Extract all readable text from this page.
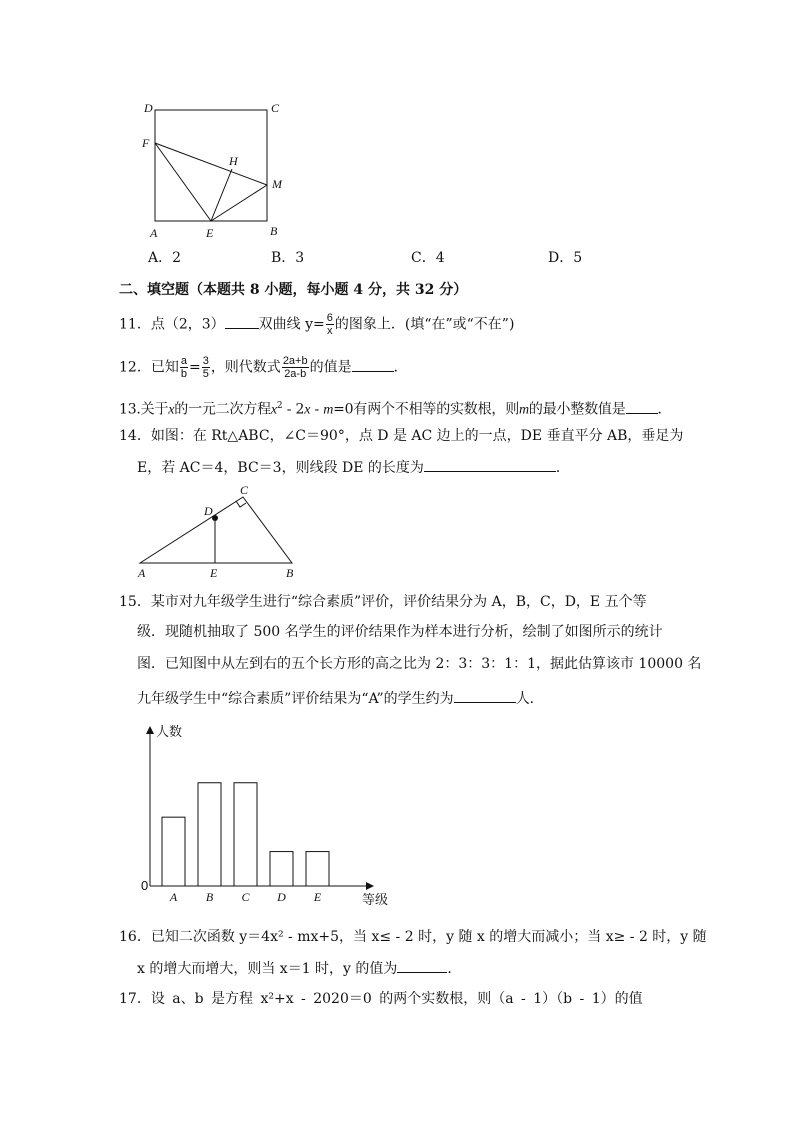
D	C
F
H
M
A	E	B
A．2	B．3	C．4	D．5
二、填空题（本题共 8 小题，每小题 4 分，共 32 分）
11．点（2，3） 双曲线 $y= \frac{6}{x}$ 的图象上．(填“在”或“不在”)
12．已知 $\frac{a}{b} = \frac{3}{5}$ ，则代数式 $\frac{2a+b}{2a-b}$ 的值是	．
13.关于x的一元二次方程$x^2 - 2x - m=0$有两个不相等的实数根，则m的最小整数值是 ．
14．如图：在 Rt△ABC，∠C＝90°，点 D 是 AC 边上的一点，DE 垂直平分 AB，垂足为
E，若 AC＝4，BC＝3，则线段 DE 的长度为	．
C
D
A	E	B
15．某市对九年级学生进行“综合素质”评价，评价结果分为 A，B，C，D，E 五个等
级．现随机抽取了 500 名学生的评价结果作为样本进行分析，绘制了如图所示的统计
图．已知图中从左到右的五个长方形的高之比为 2：3：3：1：1，据此估算该市 10000 名
九年级学生中“综合素质”评价结果为“A”的学生约为	人．
人数
等级
0
A B C D E
16．已知二次函数 y＝4x² - mx+5，当 x≤ - 2 时，y 随 x 的增大而减小；当 x≥ - 2 时，y 随
x 的增大而增大，则当 x＝1 时，y 的值为	．
17．设 a、b 是方程 x²+x - 2020＝0 的两个实数根，则（a - 1）（b - 1）的值
